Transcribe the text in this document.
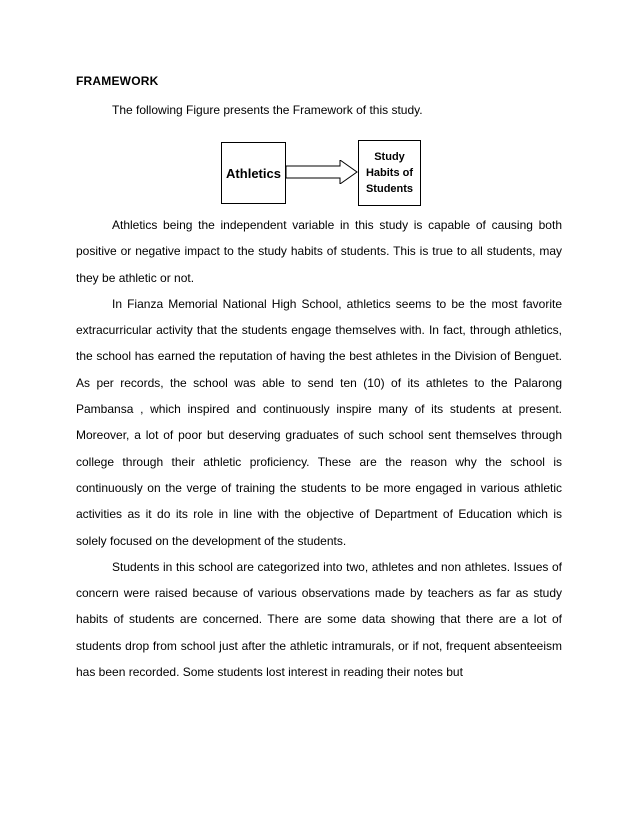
FRAMEWORK
The following Figure presents the Framework of this study.
Athletics
Study Habits of Students

Athletics being the independent variable in this study is capable of causing both positive or negative impact to the study habits of students. This is true to all students, may they be athletic or not.

In Fianza Memorial National High School, athletics seems to be the most favorite extracurricular activity that the students engage themselves with. In fact, through athletics, the school has earned the reputation of having the best athletes in the Division of Benguet. As per records, the school was able to send ten (10) of its athletes to the Palarong Pambansa , which inspired and continuously inspire many of its students at present. Moreover, a lot of poor but deserving graduates of such school sent themselves through college through their athletic proficiency. These are the reason why the school is continuously on the verge of training the students to be more engaged in various athletic activities as it do its role in line with the objective of Department of Education which is solely focused on the development of the students.

Students in this school are categorized into two, athletes and non athletes. Issues of concern were raised because of various observations made by teachers as far as study habits of students are concerned. There are some data showing that there are a lot of students drop from school just after the athletic intramurals, or if not, frequent absenteeism has been recorded. Some students lost interest in reading their notes but
